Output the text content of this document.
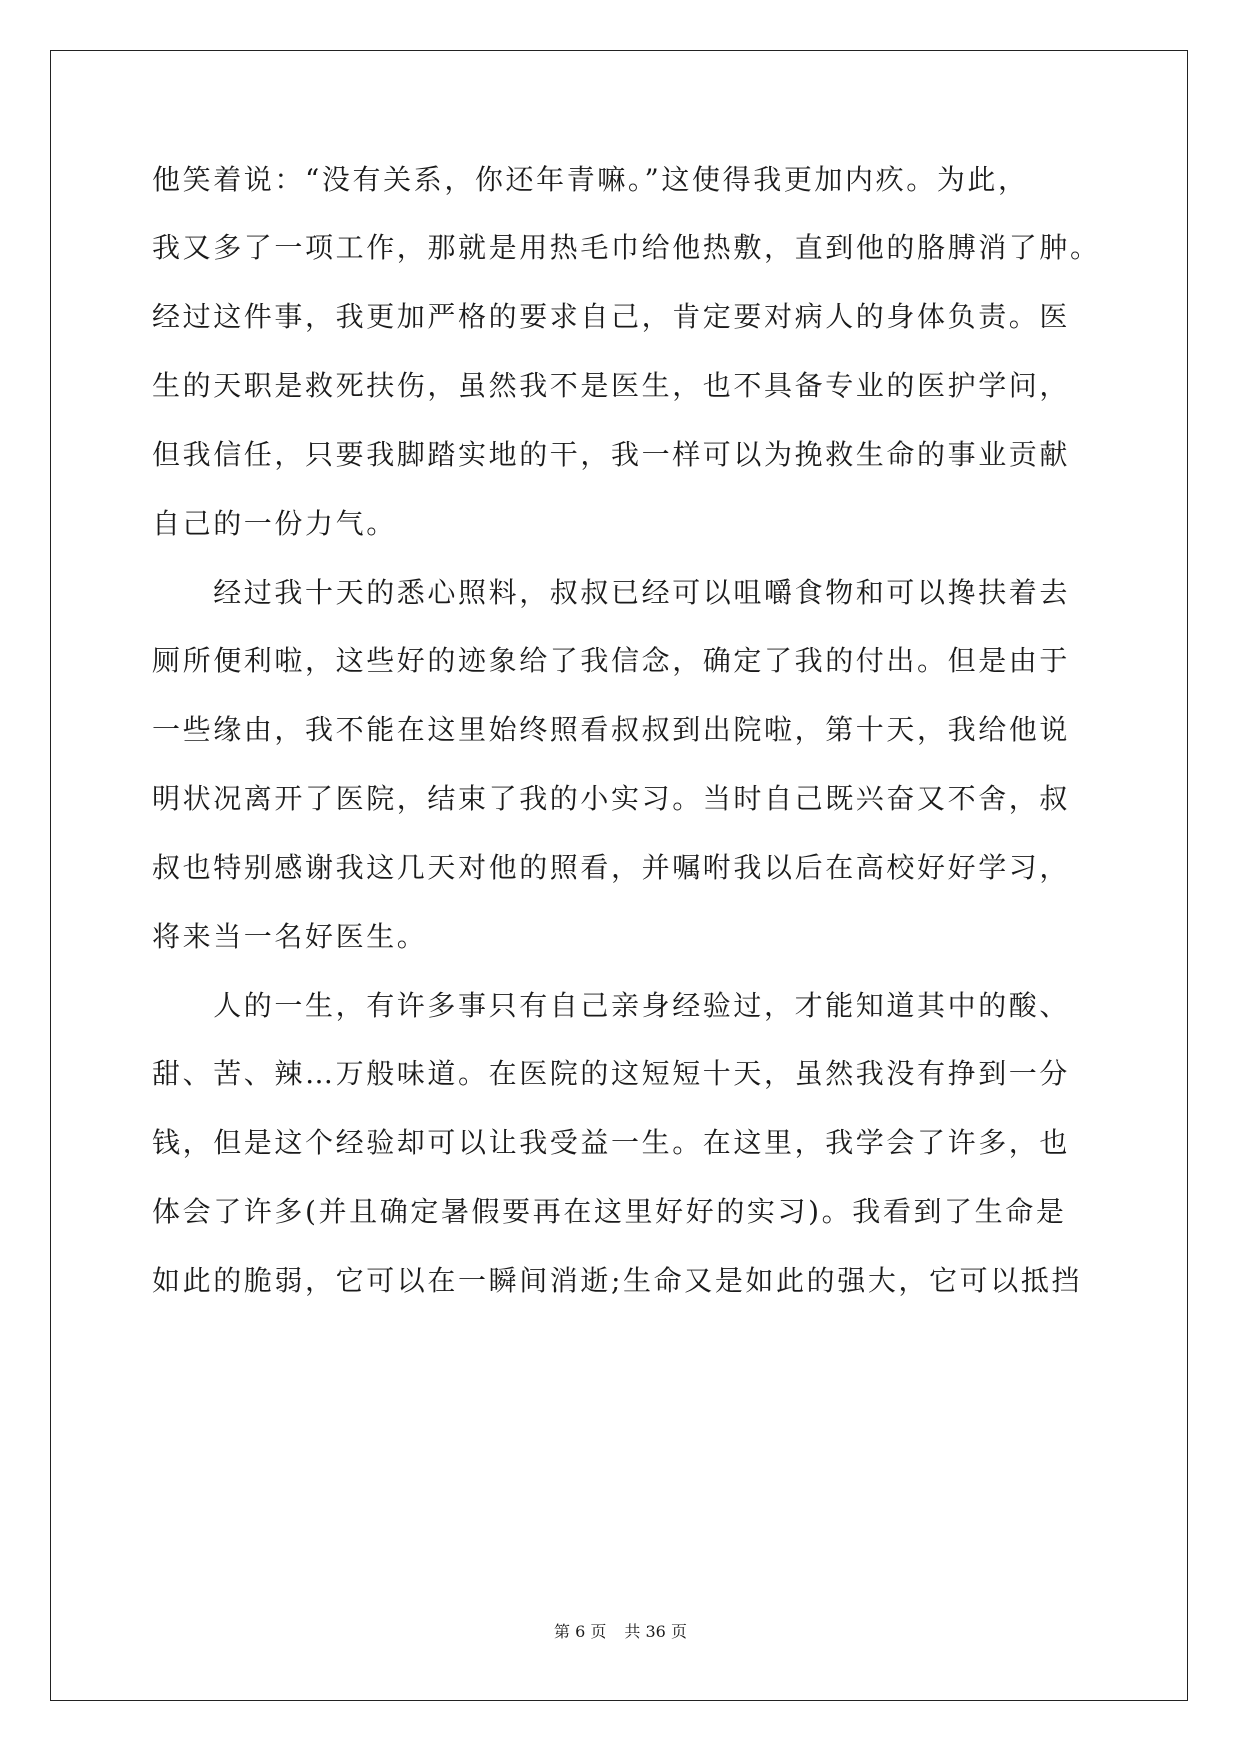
他笑着说：“没有关系，你还年青嘛。”这使得我更加内疚。为此，
我又多了一项工作，那就是用热毛巾给他热敷，直到他的胳膊消了肿。
经过这件事，我更加严格的要求自己，肯定要对病人的身体负责。医
生的天职是救死扶伤，虽然我不是医生，也不具备专业的医护学问，
但我信任，只要我脚踏实地的干，我一样可以为挽救生命的事业贡献
自己的一份力气。
　　经过我十天的悉心照料，叔叔已经可以咀嚼食物和可以搀扶着去
厕所便利啦，这些好的迹象给了我信念，确定了我的付出。但是由于
一些缘由，我不能在这里始终照看叔叔到出院啦，第十天，我给他说
明状况离开了医院，结束了我的小实习。当时自己既兴奋又不舍，叔
叔也特别感谢我这几天对他的照看，并嘱咐我以后在高校好好学习，
将来当一名好医生。
　　人的一生，有许多事只有自己亲身经验过，才能知道其中的酸、
甜、苦、辣…万般味道。在医院的这短短十天，虽然我没有挣到一分
钱，但是这个经验却可以让我受益一生。在这里，我学会了许多，也
体会了许多(并且确定暑假要再在这里好好的实习)。我看到了生命是
如此的脆弱，它可以在一瞬间消逝;生命又是如此的强大，它可以抵挡
第 6 页 共 36 页
